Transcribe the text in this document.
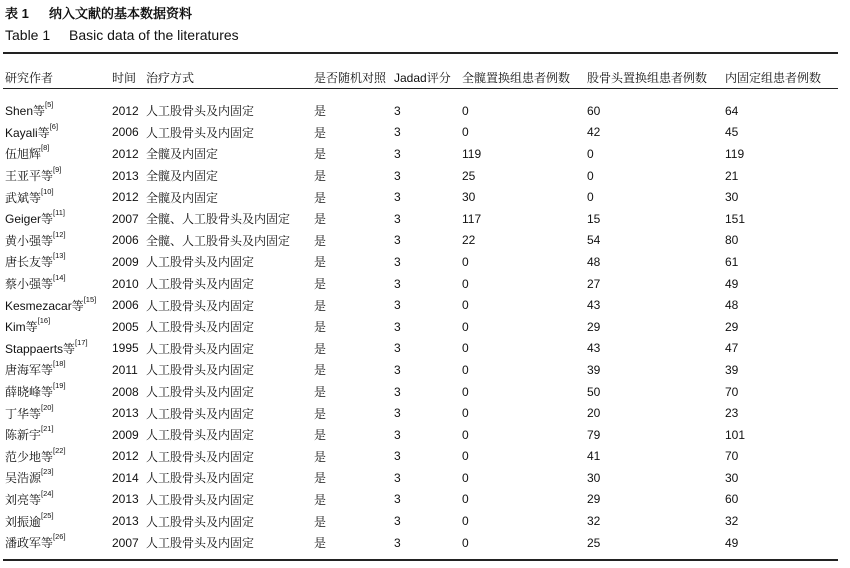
表 1 纳入文献的基本数据资料
Table 1 Basic data of the literatures

研究作者	时间	治疗方式	是否随机对照	Jadad评分	全髋置换组患者例数	股骨头置换组患者例数	内固定组患者例数

Shen等[5]	2012	人工股骨头及内固定	是	3	0	60	64
Kayali等[6]	2006	人工股骨头及内固定	是	3	0	42	45
伍旭辉[8]	2012	全髋及内固定	是	3	119	0	119
王亚平等[9]	2013	全髋及内固定	是	3	25	0	21
武斌等[10]	2012	全髋及内固定	是	3	30	0	30
Geiger等[11]	2007	全髋、人工股骨头及内固定	是	3	117	15	151
黄小强等[12]	2006	全髋、人工股骨头及内固定	是	3	22	54	80
唐长友等[13]	2009	人工股骨头及内固定	是	3	0	48	61
蔡小强等[14]	2010	人工股骨头及内固定	是	3	0	27	49
Kesmezacar等[15]	2006	人工股骨头及内固定	是	3	0	43	48
Kim等[16]	2005	人工股骨头及内固定	是	3	0	29	29
Stappaerts等[17]	1995	人工股骨头及内固定	是	3	0	43	47
唐海军等[18]	2011	人工股骨头及内固定	是	3	0	39	39
薛晓峰等[19]	2008	人工股骨头及内固定	是	3	0	50	70
丁华等[20]	2013	人工股骨头及内固定	是	3	0	20	23
陈新宇[21]	2009	人工股骨头及内固定	是	3	0	79	101
范少地等[22]	2012	人工股骨头及内固定	是	3	0	41	70
吴浩源[23]	2014	人工股骨头及内固定	是	3	0	30	30
刘亮等[24]	2013	人工股骨头及内固定	是	3	0	29	60
刘振逾[25]	2013	人工股骨头及内固定	是	3	0	32	32
潘政军等[26]	2007	人工股骨头及内固定	是	3	0	25	49
